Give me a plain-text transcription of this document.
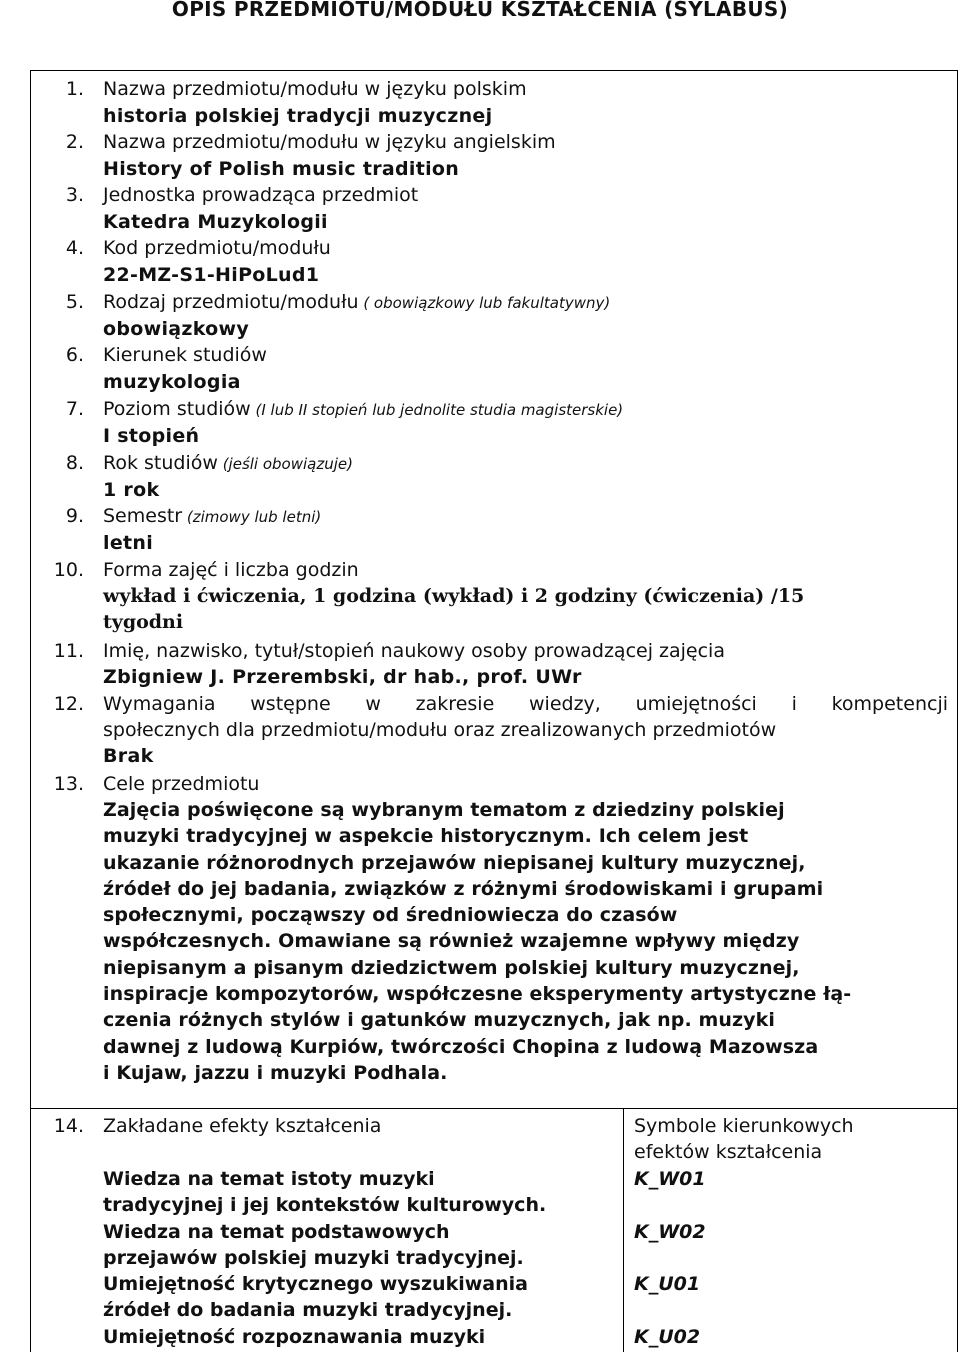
OPIS PRZEDMIOTU/MODUŁU KSZTAŁCENIA (SYLABUS)
1. Nazwa przedmiotu/modułu w języku polskim
historia polskiej tradycji muzycznej
2. Nazwa przedmiotu/modułu w języku angielskim
History of Polish music tradition
3. Jednostka prowadząca przedmiot
Katedra Muzykologii
4. Kod przedmiotu/modułu
22-MZ-S1-HiPoLud1
5. Rodzaj przedmiotu/modułu ( obowiązkowy lub fakultatywny)
obowiązkowy
6. Kierunek studiów
muzykologia
7. Poziom studiów (I lub II stopień lub jednolite studia magisterskie)
I stopień
8. Rok studiów (jeśli obowiązuje)
1 rok
9. Semestr (zimowy lub letni)
letni
10. Forma zajęć i liczba godzin
wykład i ćwiczenia, 1 godzina (wykład) i 2 godziny (ćwiczenia) /15
tygodni
11. Imię, nazwisko, tytuł/stopień naukowy osoby prowadzącej zajęcia
Zbigniew J. Przerembski, dr hab., prof. UWr
12. Wymagania wstępne w zakresie wiedzy, umiejętności i kompetencji
społecznych dla przedmiotu/modułu oraz zrealizowanych przedmiotów
Brak
13. Cele przedmiotu
Zajęcia poświęcone są wybranym tematom z dziedziny polskiej
muzyki tradycyjnej w aspekcie historycznym. Ich celem jest
ukazanie różnorodnych przejawów niepisanej kultury muzycznej,
źródeł do jej badania, związków z różnymi środowiskami i grupami
społecznymi, począwszy od średniowiecza do czasów
współczesnych. Omawiane są również wzajemne wpływy między
niepisanym a pisanym dziedzictwem polskiej kultury muzycznej,
inspiracje kompozytorów, współczesne eksperymenty artystyczne łą-
czenia różnych stylów i gatunków muzycznych, jak np. muzyki
dawnej z ludową Kurpiów, twórczości Chopina z ludową Mazowsza
i Kujaw, jazzu i muzyki Podhala.
14. Zakładane efekty kształcenia
Wiedza na temat istoty muzyki
tradycyjnej i jej kontekstów kulturowych.
Wiedza na temat podstawowych
przejawów polskiej muzyki tradycyjnej.
Umiejętność krytycznego wyszukiwania
źródeł do badania muzyki tradycyjnej.
Umiejętność rozpoznawania muzyki
Symbole kierunkowych
efektów kształcenia
K_W01
K_W02
K_U01
K_U02
